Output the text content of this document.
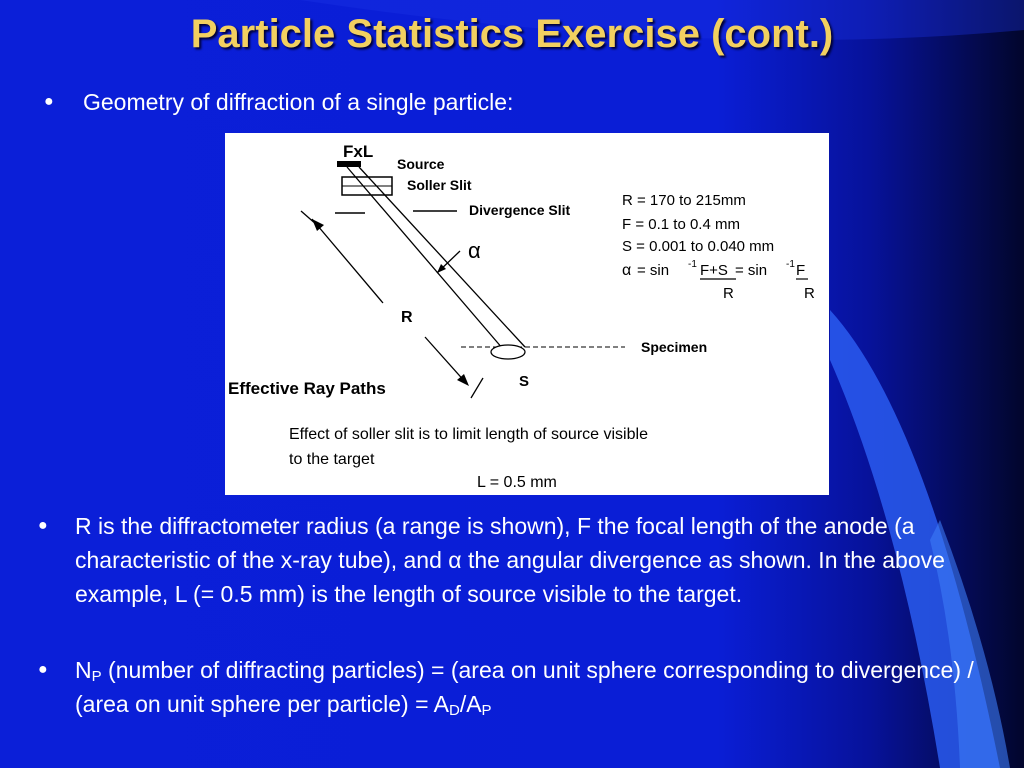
Particle Statistics Exercise (cont.)
● Geometry of diffraction of a single particle:
FxL
Source
Soller Slit
Divergence Slit
α
R
Specimen
S
Effective Ray Paths
Effect of soller slit is to limit length of source visible
to the target
L = 0.5 mm
R = 170 to 215mm
F = 0.1 to 0.4 mm
S = 0.001 to 0.040 mm
α = sin -1 F+S
R
= sin -1 F
R
● R is the diffractometer radius (a range is shown), F the focal length of the anode (a characteristic of the x-ray tube), and α the angular divergence as shown. In the above example, L (= 0.5 mm) is the length of source visible to the target.
● $N_P$ (number of diffracting particles) = (area on unit sphere corresponding to divergence) / (area on unit sphere per particle) = $A_D/A_P$
